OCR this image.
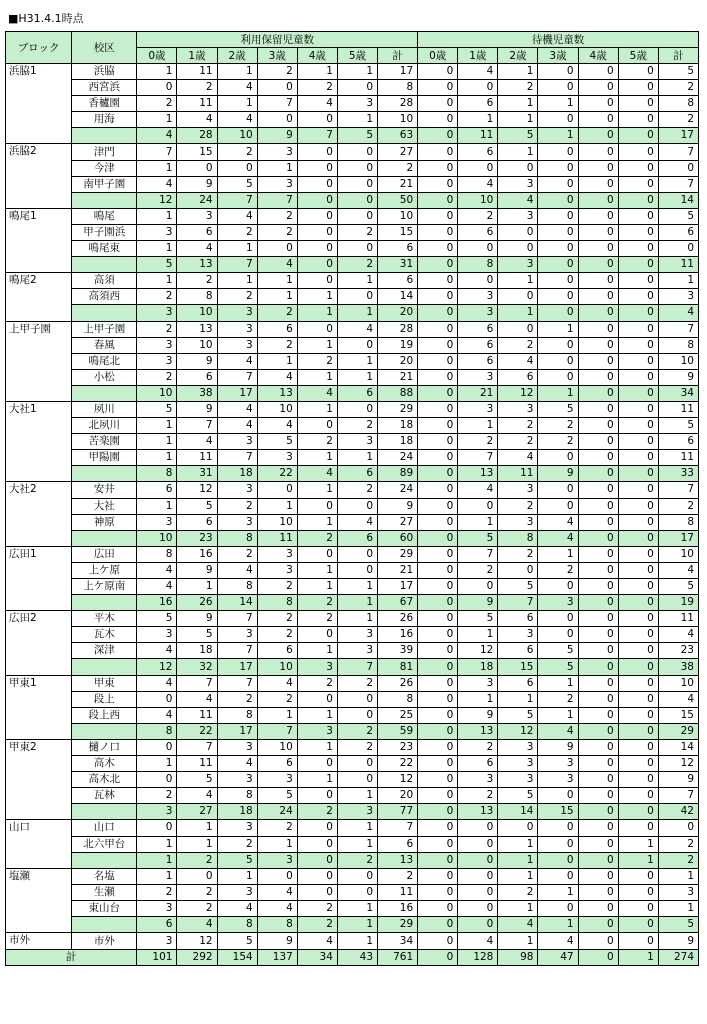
■H31.4.1時点
ブロック	校区	利用保留児童数							待機児童数						
		0歳	1歳	2歳	3歳	4歳	5歳	計	0歳	1歳	2歳	3歳	4歳	5歳	計
浜脇1	浜脇	1	11	1	2	1	1	17	0	4	1	0	0	0	5
	西宮浜	0	2	4	0	2	0	8	0	0	2	0	0	0	2
	香櫨園	2	11	1	7	4	3	28	0	6	1	1	0	0	8
	用海	1	4	4	0	0	1	10	0	1	1	0	0	0	2
		4	28	10	9	7	5	63	0	11	5	1	0	0	17
浜脇2	津門	7	15	2	3	0	0	27	0	6	1	0	0	0	7
	今津	1	0	0	1	0	0	2	0	0	0	0	0	0	0
	南甲子園	4	9	5	3	0	0	21	0	4	3	0	0	0	7
		12	24	7	7	0	0	50	0	10	4	0	0	0	14
鳴尾1	鳴尾	1	3	4	2	0	0	10	0	2	3	0	0	0	5
	甲子園浜	3	6	2	2	0	2	15	0	6	0	0	0	0	6
	鳴尾東	1	4	1	0	0	0	6	0	0	0	0	0	0	0
		5	13	7	4	0	2	31	0	8	3	0	0	0	11
鳴尾2	高須	1	2	1	1	0	1	6	0	0	1	0	0	0	1
	高須西	2	8	2	1	1	0	14	0	3	0	0	0	0	3
		3	10	3	2	1	1	20	0	3	1	0	0	0	4
上甲子園	上甲子園	2	13	3	6	0	4	28	0	6	0	1	0	0	7
	春風	3	10	3	2	1	0	19	0	6	2	0	0	0	8
	鳴尾北	3	9	4	1	2	1	20	0	6	4	0	0	0	10
	小松	2	6	7	4	1	1	21	0	3	6	0	0	0	9
		10	38	17	13	4	6	88	0	21	12	1	0	0	34
大社1	夙川	5	9	4	10	1	0	29	0	3	3	5	0	0	11
	北夙川	1	7	4	4	0	2	18	0	1	2	2	0	0	5
	苦楽園	1	4	3	5	2	3	18	0	2	2	2	0	0	6
	甲陽園	1	11	7	3	1	1	24	0	7	4	0	0	0	11
		8	31	18	22	4	6	89	0	13	11	9	0	0	33
大社2	安井	6	12	3	0	1	2	24	0	4	3	0	0	0	7
	大社	1	5	2	1	0	0	9	0	0	2	0	0	0	2
	神原	3	6	3	10	1	4	27	0	1	3	4	0	0	8
		10	23	8	11	2	6	60	0	5	8	4	0	0	17
広田1	広田	8	16	2	3	0	0	29	0	7	2	1	0	0	10
	上ケ原	4	9	4	3	1	0	21	0	2	0	2	0	0	4
	上ケ原南	4	1	8	2	1	1	17	0	0	5	0	0	0	5
		16	26	14	8	2	1	67	0	9	7	3	0	0	19
広田2	平木	5	9	7	2	2	1	26	0	5	6	0	0	0	11
	瓦木	3	5	3	2	0	3	16	0	1	3	0	0	0	4
	深津	4	18	7	6	1	3	39	0	12	6	5	0	0	23
		12	32	17	10	3	7	81	0	18	15	5	0	0	38
甲東1	甲東	4	7	7	4	2	2	26	0	3	6	1	0	0	10
	段上	0	4	2	2	0	0	8	0	1	1	2	0	0	4
	段上西	4	11	8	1	1	0	25	0	9	5	1	0	0	15
		8	22	17	7	3	2	59	0	13	12	4	0	0	29
甲東2	樋ノ口	0	7	3	10	1	2	23	0	2	3	9	0	0	14
	高木	1	11	4	6	0	0	22	0	6	3	3	0	0	12
	高木北	0	5	3	3	1	0	12	0	3	3	3	0	0	9
	瓦林	2	4	8	5	0	1	20	0	2	5	0	0	0	7
		3	27	18	24	2	3	77	0	13	14	15	0	0	42
山口	山口	0	1	3	2	0	1	7	0	0	0	0	0	0	0
	北六甲台	1	1	2	1	0	1	6	0	0	1	0	0	1	2
		1	2	5	3	0	2	13	0	0	1	0	0	1	2
塩瀬	名塩	1	0	1	0	0	0	2	0	0	1	0	0	0	1
	生瀬	2	2	3	4	0	0	11	0	0	2	1	0	0	3
	東山台	3	2	4	4	2	1	16	0	0	1	0	0	0	1
		6	4	8	8	2	1	29	0	0	4	1	0	0	5
市外	市外	3	12	5	9	4	1	34	0	4	1	4	0	0	9
計		101	292	154	137	34	43	761	0	128	98	47	0	1	274
